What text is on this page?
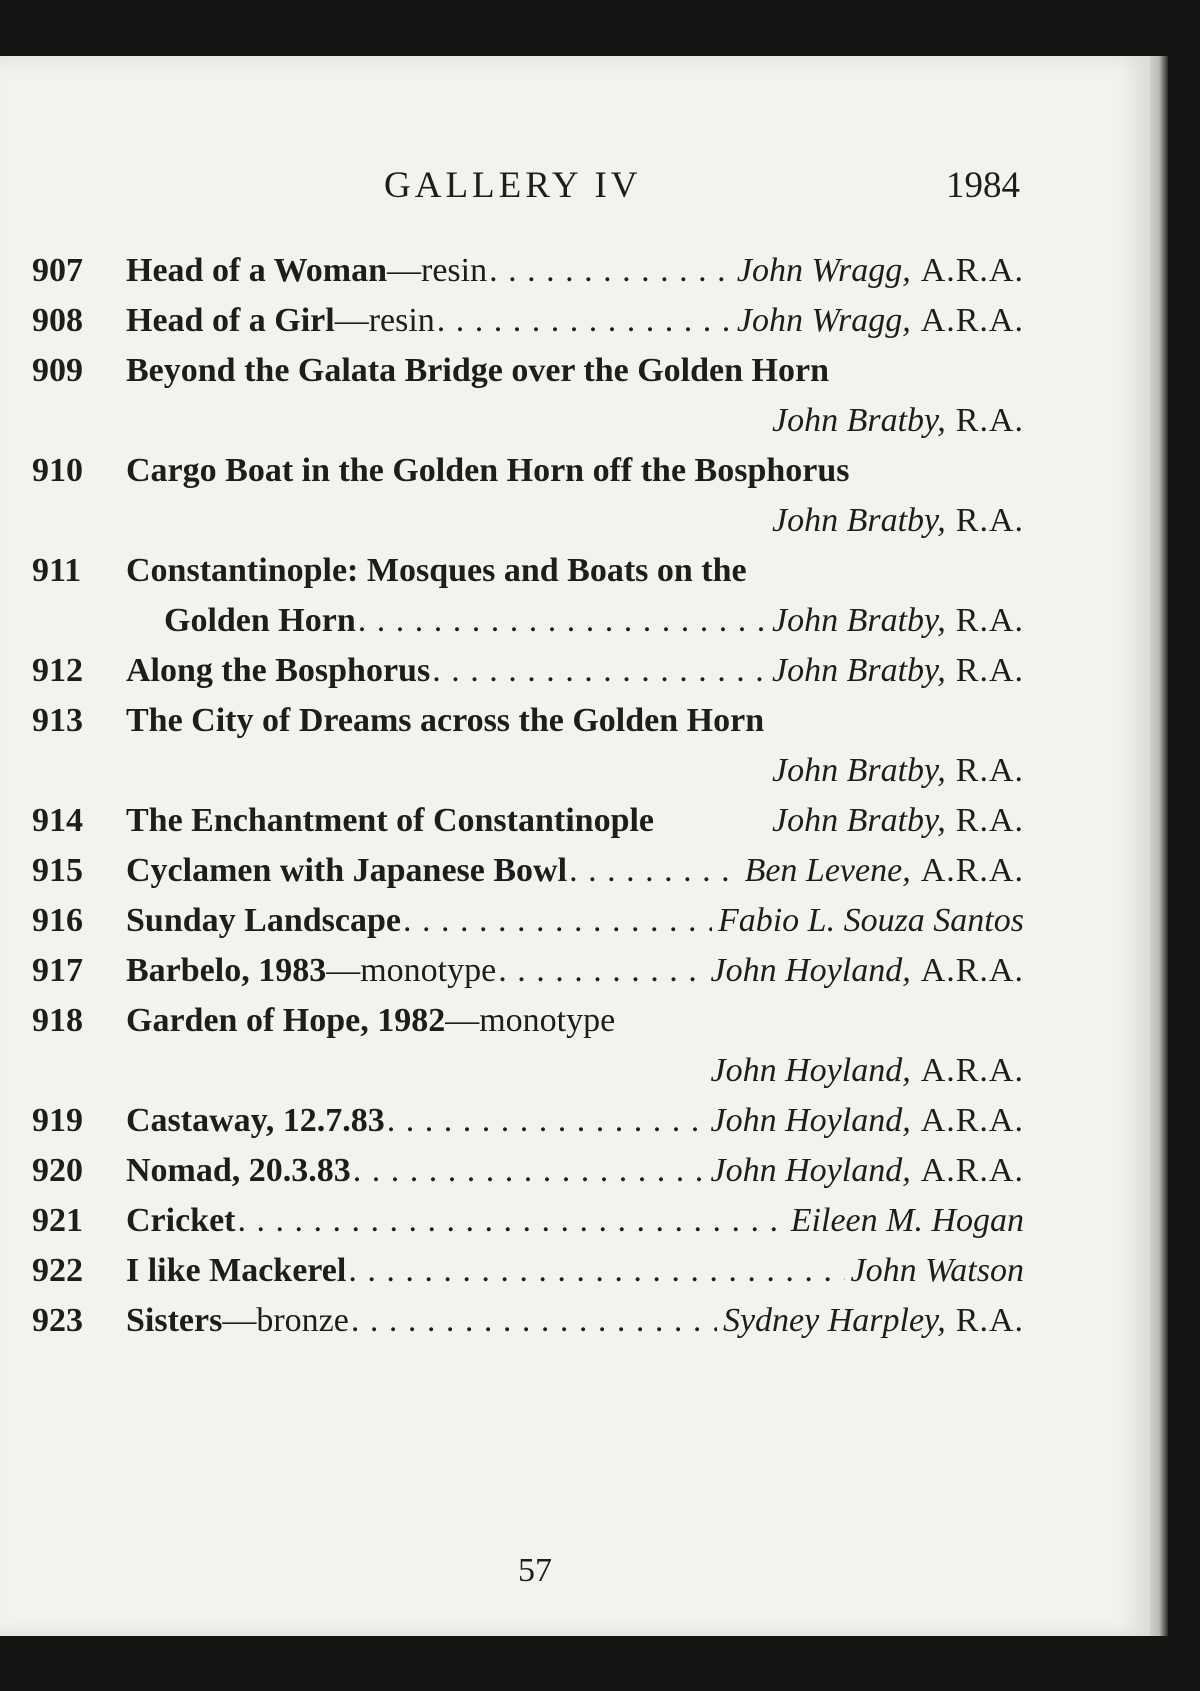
GALLERY IV	1984
907	Head of a Woman —resin . . .	John Wragg, A.R.A.
908	Head of a Girl —resin . . .	John Wragg, A.R.A.
909	Beyond the Galata Bridge over the Golden Horn
John Bratby, R.A.
910	Cargo Boat in the Golden Horn off the Bosphorus
John Bratby, R.A.
911	Constantinople: Mosques and Boats on the
Golden Horn . . .	John Bratby, R.A.
912	Along the Bosphorus . . .	John Bratby, R.A.
913	The City of Dreams across the Golden Horn
John Bratby, R.A.
914	The Enchantment of Constantinople	John Bratby, R.A.
915	Cyclamen with Japanese Bowl . . .	Ben Levene, A.R.A.
916	Sunday Landscape . . .	Fabio L. Souza Santos
917	Barbelo, 1983 —monotype . . .	John Hoyland, A.R.A.
918	Garden of Hope, 1982 —monotype
John Hoyland, A.R.A.
919	Castaway, 12.7.83 . . .	John Hoyland, A.R.A.
920	Nomad, 20.3.83 . . .	John Hoyland, A.R.A.
921	Cricket . . .	Eileen M. Hogan
922	I like Mackerel . . .	John Watson
923	Sisters —bronze . . .	Sydney Harpley, R.A.
57
